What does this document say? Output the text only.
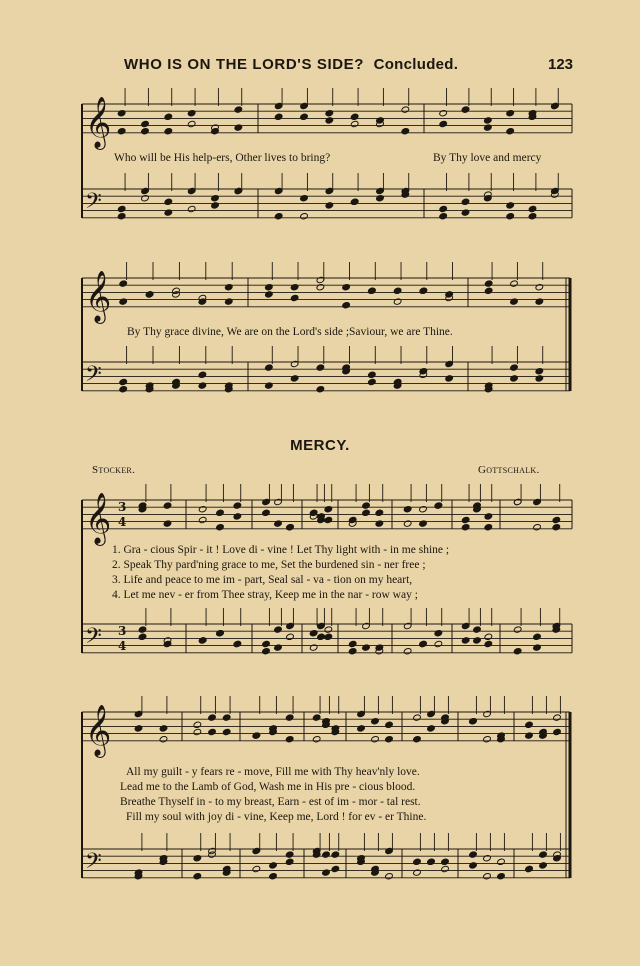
WHO IS ON THE LORD'S SIDE? Concluded.	123
𝄞
𝄢
𝄞
𝄢
𝄞 3
4
𝄢 3
4
𝄞
𝄢
Who will be His help-ers, Other lives to bring?	By Thy love and mercy
By Thy grace divine, We are on the Lord's side ;Saviour, we are Thine.
MERCY.
Stocker.	Gottschalk.
1. Gra - cious Spir - it ! Love di - vine ! Let Thy light with - in me shine ;
2. Speak Thy pard'ning grace to me, Set the burdened sin - ner free ;
3. Life and peace to me im - part, Seal sal - va - tion on my heart,
4. Let me nev - er from Thee stray, Keep me in the nar - row way ;
All my guilt - y fears re - move, Fill me with Thy heav'nly love.
Lead me to the Lamb of God, Wash me in His pre - cious blood.
Breathe Thyself in - to my breast, Earn - est of im - mor - tal rest.
Fill my soul with joy di - vine, Keep me, Lord ! for ev - er Thine.
